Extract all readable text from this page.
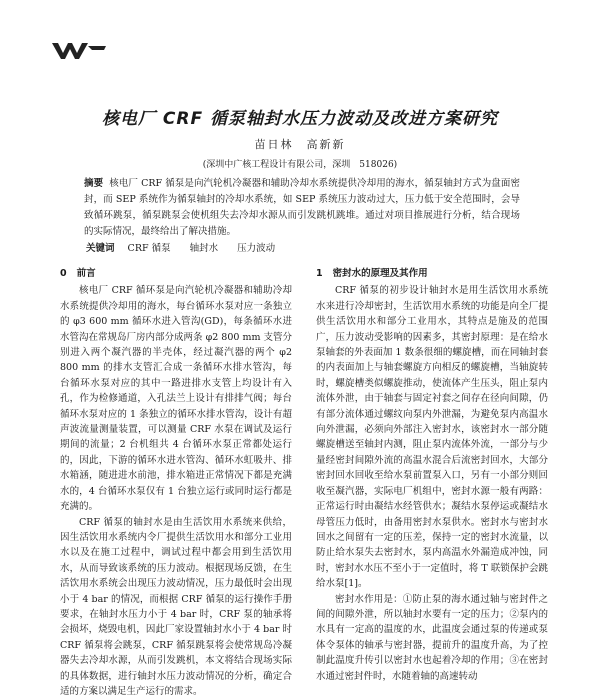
核电厂 CRF 循泵轴封水压力波动及改进方案研究
苗日林　高新新
(深圳中广核工程设计有限公司，深圳　518026)
摘要 核电厂 CRF 循泵是向汽轮机冷凝器和辅助冷却水系统提供冷却用的海水，循泵轴封方式为盘面密封，而 SEP 系统作为循泵轴封的冷却水系统，如 SEP 系统压力波动过大，压力低于安全范围时，会导致循环跳泵，循泵跳泵会使机组失去冷却水源从而引发跳机跳堆。通过对项目推展进行分析，结合现场的实际情况，最终给出了解决措施。
关键词 CRF 循泵 轴封水 压力波动
0 前言

核电厂 CRF 循环泵是向汽轮机冷凝器和辅助冷却水系统提供冷却用的海水，每台循环水泵对应一条独立的 φ3 600 mm 循环水进入管沟(GD)，每条循环水进水管沟在常规岛厂房内部分成两条 φ2 800 mm 支管分别进入两个凝汽器的半壳体，经过凝汽器的两个 φ2 800 mm 的排水支管汇合成一条循环水排水管沟，每台循环水泵对应的其中一路进排水支管上均设计有入孔，作为检修通道，入孔法兰上设计有排排气阀；每台循环水泵对应的 1 条独立的循环水排水管沟，设计有超声波流量测量装置，可以测量 CRF 水泵在调试及运行期间的流量；2 台机组共 4 台循环水泵正常都处运行的，因此，下游的循环水进水管沟、循环水虹吸井、排水箱涵，随进进水前池，排水箱进正常情况下都是充满水的，4 台循环水泵仅有 1 台独立运行或同时运行都是充满的。

CRF 循泵的轴封水是由生活饮用水系统来供给，因生活饮用水系统内令厂提供生活饮用水和部分工业用水以及在施工过程中，调试过程中都会用到生活饮用水，从而导致该系统的压力波动。根据现场反馈，在生活饮用水系统会出现压力波动情况，压力最低时会出现小于 4 bar 的情况，而根据 CRF 循泵的运行操作手册要求，在轴封水压力小于 4 bar 时，CRF 泵的轴承将会损坏，烧毁电机，因此厂家设置轴封水小于 4 bar 时 CRF 循泵将会跳泵，CRF 循泵跳泵将会使常规岛冷凝器失去冷却水源，从而引发跳机，本文将结合现场实际的具体数据，进行轴封水压力波动情况的分析，确定合适的方案以满足生产运行的需求。

1 密封水的原理及其作用

CRF 循泵的初步设计轴封水是用生活饮用水系统水来进行冷却密封，生活饮用水系统的功能是向全厂提供生活饮用水和部分工业用水，其特点是施及的范围广，压力波动受影响的因素多，其密封原理：是在给水泵轴套的外表面加 1 数条很细的螺旋槽，而在同轴封套的内表面加上与轴套螺旋方向相反的螺旋槽，当轴旋转时，螺旋槽类似螺旋推动，使流体产生压头，阻止泵内流体外泄，由于轴套与固定衬套之间存在径向间隙，仍有部分流体通过螺纹向泵内外泄漏，为避免泵内高温水向外泄漏，必须向外部注入密封水，该密封水一部分随螺旋槽送至轴封内测，阻止泵内流体外流，一部分与少量经密封间隙外流的高温水混合后流密封回水，大部分密封回水回收至给水泵前置泵入口，另有一小部分则回收至凝汽器，实际电厂机组中，密封水源一般有两路：正常运行时由凝结水经管供水；凝结水泵停运或凝结水母管压力低时，由备用密封水泵供水。密封水与密封水回水之间留有一定的压差，保持一定的密封水流量，以防止给水泵失去密封水，泵内高温水外漏造成冲蚀，同时，密封水水压不至小于一定值时，将 T 联锁保护会跳给水泵[1]。

密封水作用是：①防止泵的海水通过轴与密封件之间的间隙外泄，所以轴封水要有一定的压力；②泵内的水具有一定高的温度的水，此温度会通过泵的传递或泵体令泵体的轴承与密封器，提前升的温度升高，为了控制此温度升传引以密封水也起着冷却的作用；③在密封水通过密封件时，水随着轴的高速转动
